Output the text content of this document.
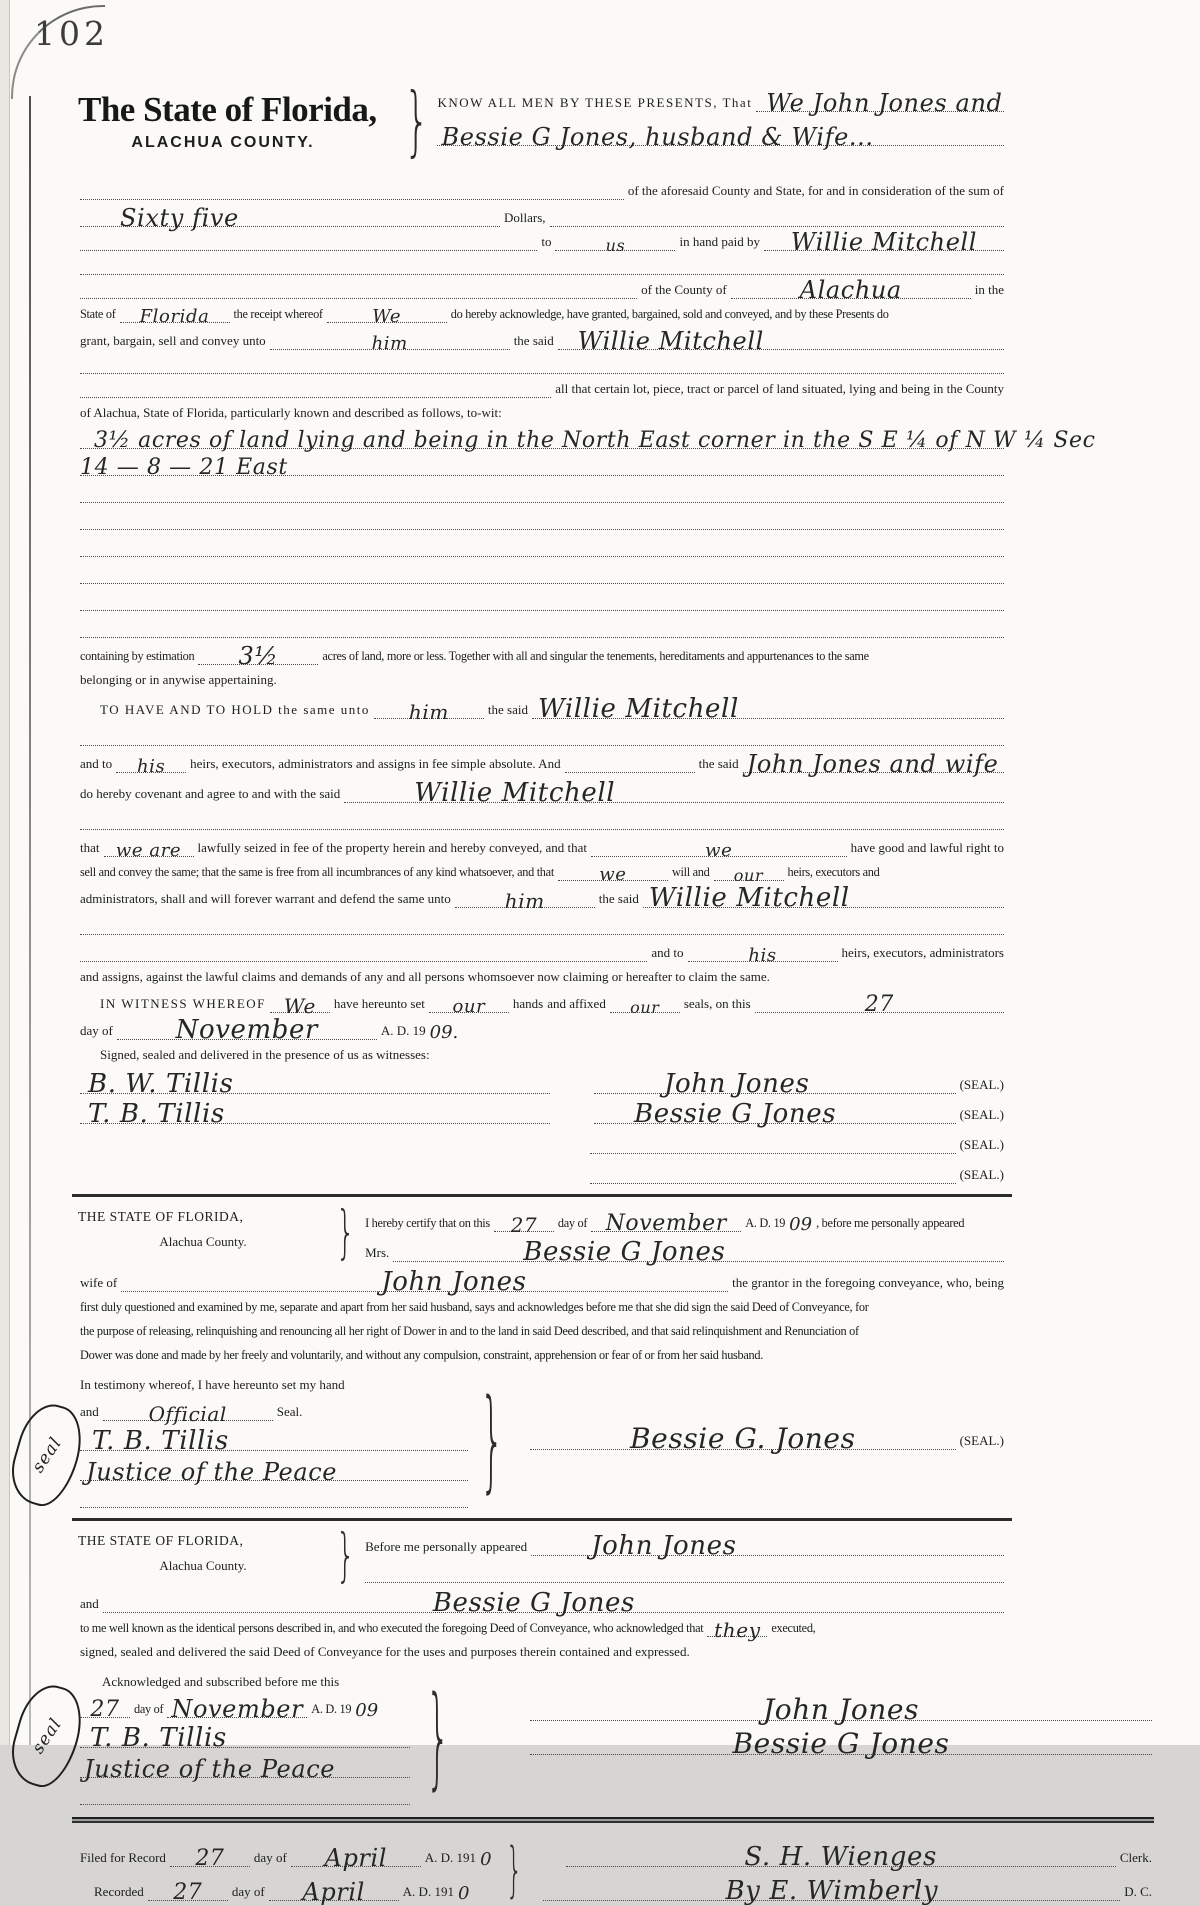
102
The State of Florida,
ALACHUA COUNTY.	} KNOW ALL MEN BY THESE PRESENTS, That We John Jones and
Bessie G Jones, husband & Wife...
of the aforesaid County and State, for and in consideration of the sum of
Sixty five	Dollars,
to	us	in hand paid by Willie Mitchell
of the County of	Alachua	in the
State of Florida the receipt whereof	We	do hereby acknowledge, have granted, bargained, sold and conveyed, and by these Presents do
grant, bargain, sell and convey unto	him	the said Willie Mitchell
all that certain lot, piece, tract or parcel of land situated, lying and being in the County
of Alachua, State of Florida, particularly known and described as follows, to-wit:
3½ acres of land lying and being in the North East corner in the S E ¼ of N W ¼ Sec
14 — 8 — 21 East
containing by estimation 3½	acres of land, more or less. Together with all and singular the tenements, hereditaments and appurtenances to the same
belonging or in anywise appertaining.
TO HAVE AND TO HOLD the same unto him	the said Willie Mitchell
and to his heirs, executors, administrators and assigns in fee simple absolute. And	the said John Jones and wife
do hereby covenant and agree to and with the said	Willie Mitchell
that we are lawfully seized in fee of the property herein and hereby conveyed, and that	we	have good and lawful right to
sell and convey the same; that the same is free from all incumbrances of any kind whatsoever, and that	we	will and our heirs, executors and
administrators, shall and will forever warrant and defend the same unto	him	the said Willie Mitchell
and to	his	heirs, executors, administrators
and assigns, against the lawful claims and demands of any and all persons whomsoever now claiming or hereafter to claim the same.
IN WITNESS WHEREOF We have hereunto set our hands and affixed our seals, on this	27
day of November	A. D. 19 09.
Signed, sealed and delivered in the presence of us as witnesses:
B. W. Tillis	John Jones	(SEAL.)
T. B. Tillis	Bessie G Jones	(SEAL.)
(SEAL.)
(SEAL.)
THE STATE OF FLORIDA,
Alachua County.	} I hereby certify that on this 27 day of November A. D. 19 09 , before me personally appeared
Mrs.	Bessie G Jones
wife of	John Jones	the grantor in the foregoing conveyance, who, being
first duly questioned and examined by me, separate and apart from her said husband, says and acknowledges before me that she did sign the said Deed of Conveyance, for
the purpose of releasing, relinquishing and renouncing all her right of Dower in and to the land in said Deed described, and that said relinquishment and Renunciation of
Dower was done and made by her freely and voluntarily, and without any compulsion, constraint, apprehension or fear of or from her said husband.
seal	}
In testimony whereof, I have hereunto set my hand
and Official	Seal.
T. B. Tillis
Justice of the Peace
Bessie G. Jones	(SEAL.)
THE STATE OF FLORIDA,
Alachua County.	} Before me personally appeared John Jones
and	Bessie G Jones
to me well known as the identical persons described in, and who executed the foregoing Deed of Conveyance, who acknowledged that they executed,
signed, sealed and delivered the said Deed of Conveyance for the uses and purposes therein contained and expressed.
seal	}
Acknowledged and subscribed before me this
27 day of November A. D. 19 09
T. B. Tillis
Justice of the Peace
John Jones
Bessie G Jones
}
Filed for Record 27 day of April	A. D. 191 0	S. H. Wienges	Clerk.
Recorded 27 day of April	A. D. 191 0	By E. Wimberly	D. C.
